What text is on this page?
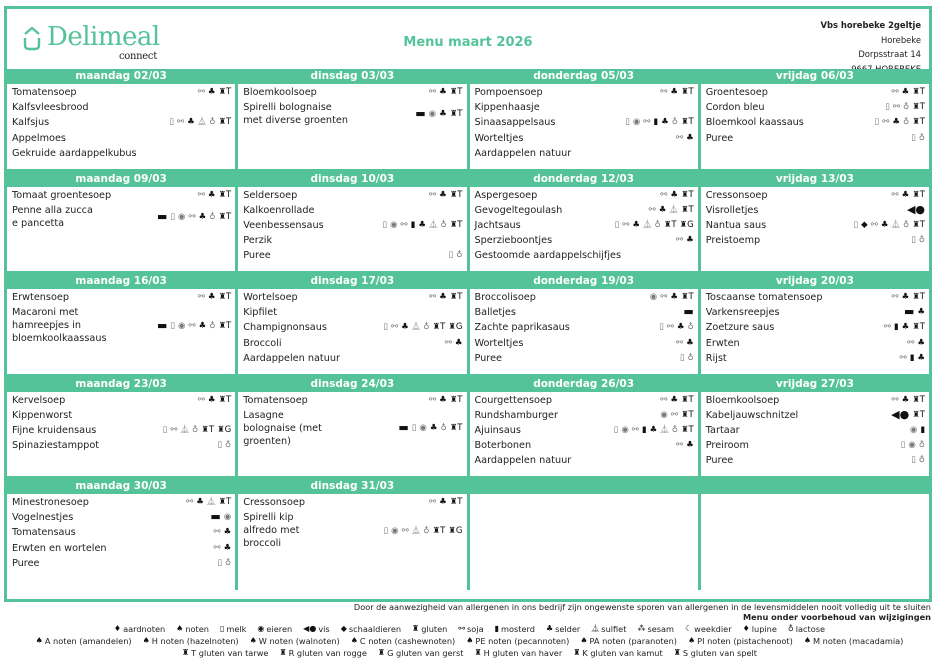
Delimeal
connect
Menu maart 2026
Vbs horebeke 2geltje
Horebeke
Dorpsstraat 14
maandag 02/03
Tomatensoep	⚯ ♣ ♜T
Kalfsvleesbrood
Kalfsjus	▯ ⚯ ♣ ⏅ ♁ ♜T
Appelmoes
Gekruide aardappelkubus
dinsdag 03/03
Bloemkoolsoep	⚯ ♣ ♜T
Spirelli bolognaise
met diverse groenten
▬ ◉ ♣ ♜T
donderdag 05/03
Pompoensoep	⚯ ♣ ♜T
Kippenhaasje
Sinaasappelsaus	▯ ◉ ⚯ ▮ ♣ ♁ ♜T
Worteltjes	⚯ ♣
Aardappelen natuur
vrijdag 06/03
Groentesoep	⚯ ♣ ♜T
Cordon bleu	▯ ⚯ ♁ ♜T
Bloemkool kaassaus	▯ ⚯ ♣ ♁ ♜T
Puree	▯ ♁
maandag 09/03
Tomaat groentesoep	⚯ ♣ ♜T
Penne alla zucca
e pancetta
▬ ▯ ◉ ⚯ ♣ ♁ ♜T
dinsdag 10/03
Seldersoep	⚯ ♣ ♜T
Kalkoenrollade
Veenbessensaus	▯ ◉ ⚯ ▮ ♣ ⏅ ♁ ♜T
Perzik
Puree	▯ ♁
donderdag 12/03
Aspergesoep	⚯ ♣ ♜T
Gevogeltegoulash	⚯ ♣ ⏅ ♜T
Jachtsaus	▯ ⚯ ♣ ⏅ ♁ ♜T ♜G
Sperzieboontjes	⚯ ♣
Gestoomde aardappelschijfjes
vrijdag 13/03
Cressonsoep	⚯ ♣ ♜T
Visrolletjes	◀●
Nantua saus	▯ ◆ ⚯ ♣ ⏅ ♁ ♜T
Preistoemp	▯ ♁
maandag 16/03
Erwtensoep	⚯ ♣ ♜T
Macaroni met
hamreepjes in
bloemkoolkaassaus
▬ ▯ ◉ ⚯ ♣ ♁ ♜T
dinsdag 17/03
Wortelsoep	⚯ ♣ ♜T
Kipfilet
Champignonsaus	▯ ⚯ ♣ ⏅ ♁ ♜T ♜G
Broccoli	⚯ ♣
Aardappelen natuur
donderdag 19/03
Broccolisoep	◉ ⚯ ♣ ♜T
Balletjes	▬
Zachte paprikasaus	▯ ⚯ ♣ ♁
Worteltjes	⚯ ♣
Puree	▯ ♁
vrijdag 20/03
Toscaanse tomatensoep	⚯ ♣ ♜T
Varkensreepjes	▬ ♣
Zoetzure saus	⚯ ▮ ♣ ♜T
Erwten	⚯ ♣
Rijst	⚯ ▮ ♣
maandag 23/03
Kervelsoep	⚯ ♣ ♜T
Kippenworst
Fijne kruidensaus	▯ ⚯ ⏅ ♁ ♜T ♜G
Spinaziestamppot	▯ ♁
dinsdag 24/03
Tomatensoep	⚯ ♣ ♜T
Lasagne
bolognaise (met
groenten)
▬ ▯ ◉ ♣ ♁ ♜T
donderdag 26/03
Courgettensoep	⚯ ♣ ♜T
Rundshamburger	◉ ⚯ ♜T
Ajuinsaus	▯ ◉ ⚯ ▮ ♣ ⏅ ♁ ♜T
Boterbonen	⚯ ♣
Aardappelen natuur
vrijdag 27/03
Bloemkoolsoep	⚯ ♣ ♜T
Kabeljauwschnitzel	◀● ♜T
Tartaar	◉ ▮
Preiroom	▯ ◉ ♁
Puree	▯ ♁
maandag 30/03
Minestronesoep	⚯ ♣ ⏅ ♜T
Vogelnestjes	▬ ◉
Tomatensaus	⚯ ♣
Erwten en wortelen	⚯ ♣
Puree	▯ ♁
dinsdag 31/03
Cressonsoep	⚯ ♣ ♜T
Spirelli kip
alfredo met
broccoli
▯ ◉ ⚯ ⏅ ♁ ♜T ♜G
Door de aanwezigheid van allergenen in ons bedrijf zijn ongewenste sporen van allergenen in de levensmiddelen nooit volledig uit te sluiten
Menu onder voorbehoud van wijzigingen
♦ aardnoten ♠ noten ▯ melk ◉ eieren ◀● vis ◆ schaaldieren ♜ gluten ⚯ soja ▮ mosterd ♣ selder ⏅ sulfiet ⁂ sesam ☾ weekdier ♦ lupine ♁ lactose
♠ A noten (amandelen) ♠ H noten (hazelnoten) ♠ W noten (walnoten) ♠ C noten (cashewnoten) ♠ PE noten (pecannoten) ♠ PA noten (paranoten) ♠ PI noten (pistachenoot) ♠ M noten (macadamia)
♜ T gluten van tarwe ♜ R gluten van rogge ♜ G gluten van gerst ♜ H gluten van haver ♜ K gluten van kamut ♜ S gluten van spelt
